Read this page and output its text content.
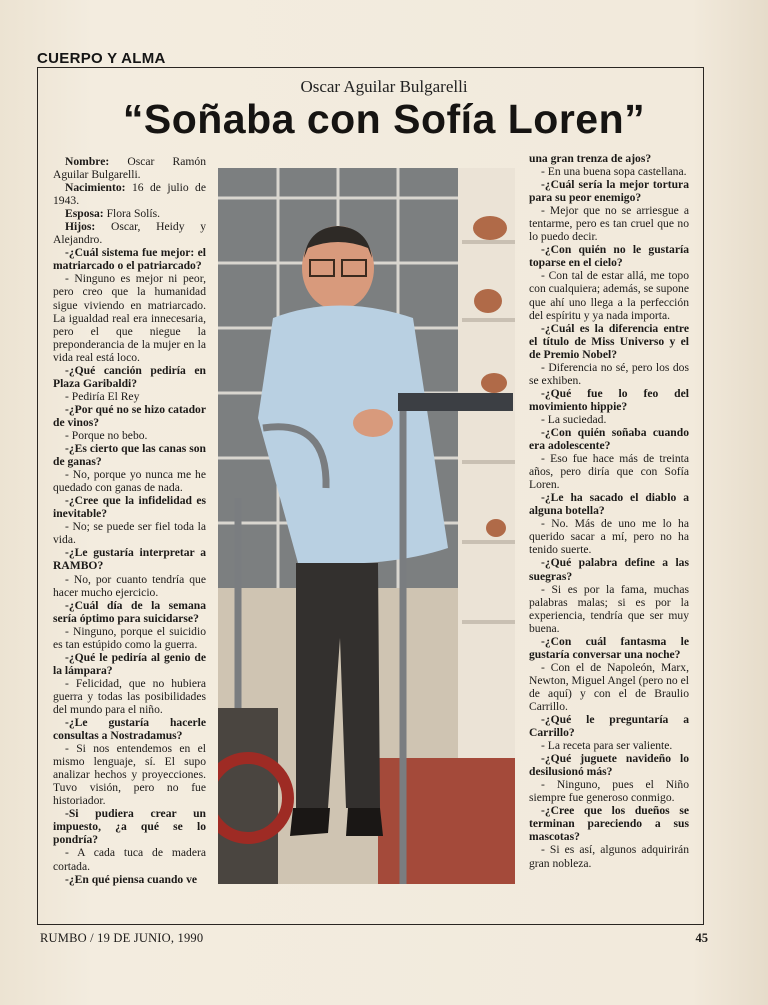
CUERPO Y ALMA
Oscar Aguilar Bulgarelli
“Soñaba con Sofía Loren”

Nombre: Oscar Ramón Aguilar Bulgarelli.

Nacimiento: 16 de julio de 1943.

Esposa: Flora Solís.

Hijos: Oscar, Heidy y Alejandro.

-¿Cuál sistema fue mejor: el matriarcado o el patriarcado?

- Ninguno es mejor ni peor, pero creo que la humanidad sigue viviendo en matriarcado. La igualdad real era innecesaria, pero el que niegue la preponderancia de la mujer en la vida real está loco.

-¿Qué canción pediría en Plaza Garibaldi?

- Pediría El Rey

-¿Por qué no se hizo catador de vinos?

- Porque no bebo.

-¿Es cierto que las canas son de ganas?

- No, porque yo nunca me he quedado con ganas de nada.

-¿Cree que la infidelidad es inevitable?

- No; se puede ser fiel toda la vida.

-¿Le gustaría interpretar a RAMBO?

- No, por cuanto tendría que hacer mucho ejercicio.

-¿Cuál día de la semana sería óptimo para suicidarse?

- Ninguno, porque el suicidio es tan estúpido como la guerra.

-¿Qué le pediría al genio de la lámpara?

- Felicidad, que no hubiera guerra y todas las posibilidades del mundo para el niño.

-¿Le gustaría hacerle consultas a Nostradamus?

- Si nos entendemos en el mismo lenguaje, sí. El supo analizar hechos y proyecciones. Tuvo visión, pero no fue historiador.

-Si pudiera crear un impuesto, ¿a qué se lo pondría?

- A cada tuca de madera cortada.

-¿En qué piensa cuando ve

una gran trenza de ajos?

- En una buena sopa castellana.

-¿Cuál sería la mejor tortura para su peor enemigo?

- Mejor que no se arriesgue a tentarme, pero es tan cruel que no lo puedo decir.

-¿Con quién no le gustaría toparse en el cielo?

- Con tal de estar allá, me topo con cualquiera; además, se supone que ahí uno llega a la perfección del espíritu y ya nada importa.

-¿Cuál es la diferencia entre el título de Miss Universo y el de Premio Nobel?

- Diferencia no sé, pero los dos se exhiben.

-¿Qué fue lo feo del movimiento hippie?

- La suciedad.

-¿Con quién soñaba cuando era adolescente?

- Eso fue hace más de treinta años, pero diría que con Sofía Loren.

-¿Le ha sacado el diablo a alguna botella?

- No. Más de uno me lo ha querido sacar a mí, pero no ha tenido suerte.

-¿Qué palabra define a las suegras?

- Si es por la fama, muchas palabras malas; si es por la experiencia, tendría que ser muy buena.

-¿Con cuál fantasma le gustaría conversar una noche?

- Con el de Napoleón, Marx, Newton, Miguel Angel (pero no el de aquí) y con el de Braulio Carrillo.

-¿Qué le preguntaría a Carrillo?

- La receta para ser valiente.

-¿Qué juguete navideño lo desilusionó más?

- Ninguno, pues el Niño siempre fue generoso conmigo.

-¿Cree que los dueños se terminan pareciendo a sus mascotas?

- Si es así, algunos adquirirán gran nobleza.

RUMBO / 19 DE JUNIO, 1990	45
